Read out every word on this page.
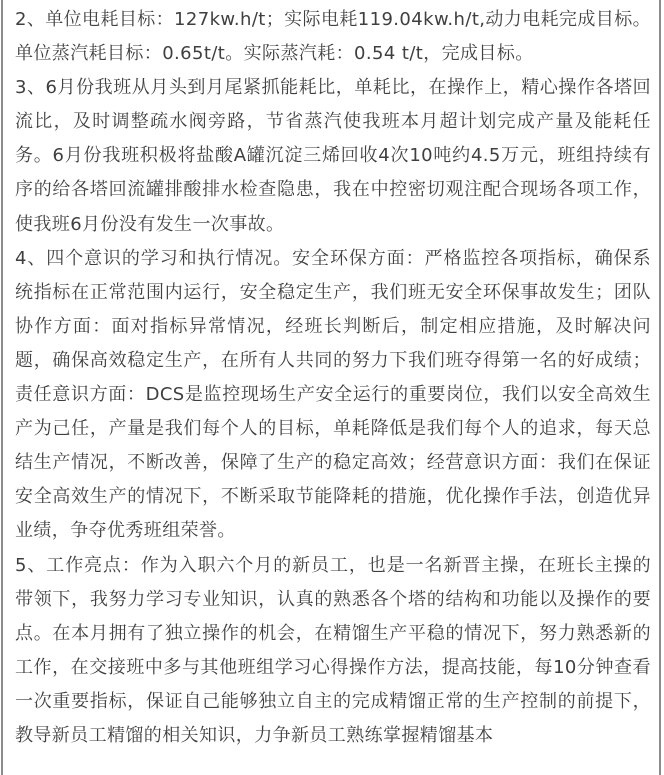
2、单位电耗目标：127kw.h/t；实际电耗119.04kw.h/t,动力电耗完成目标。单位蒸汽耗目标：0.65t/t。实际蒸汽耗：0.54 t/t，完成目标。

3、6月份我班从月头到月尾紧抓能耗比，单耗比，在操作上，精心操作各塔回流比，及时调整疏水阀旁路，节省蒸汽使我班本月超计划完成产量及能耗任务。6月份我班积极将盐酸A罐沉淀三烯回收4次10吨约4.5万元，班组持续有序的给各塔回流罐排酸排水检查隐患，我在中控密切观注配合现场各项工作，使我班6月份没有发生一次事故。

4、四个意识的学习和执行情况。安全环保方面：严格监控各项指标，确保系统指标在正常范围内运行，安全稳定生产，我们班无安全环保事故发生；团队协作方面：面对指标异常情况，经班长判断后，制定相应措施，及时解决问题，确保高效稳定生产，在所有人共同的努力下我们班夺得第一名的好成绩；责任意识方面：DCS是监控现场生产安全运行的重要岗位，我们以安全高效生产为己任，产量是我们每个人的目标，单耗降低是我们每个人的追求，每天总结生产情况，不断改善，保障了生产的稳定高效；经营意识方面：我们在保证安全高效生产的情况下，不断采取节能降耗的措施，优化操作手法，创造优异业绩，争夺优秀班组荣誉。

5、工作亮点：作为入职六个月的新员工，也是一名新晋主操，在班长主操的带领下，我努力学习专业知识，认真的熟悉各个塔的结构和功能以及操作的要点。在本月拥有了独立操作的机会，在精馏生产平稳的情况下，努力熟悉新的工作，在交接班中多与其他班组学习心得操作方法，提高技能，每10分钟查看一次重要指标，保证自己能够独立自主的完成精馏正常的生产控制的前提下，教导新员工精馏的相关知识，力争新员工熟练掌握精馏基本
